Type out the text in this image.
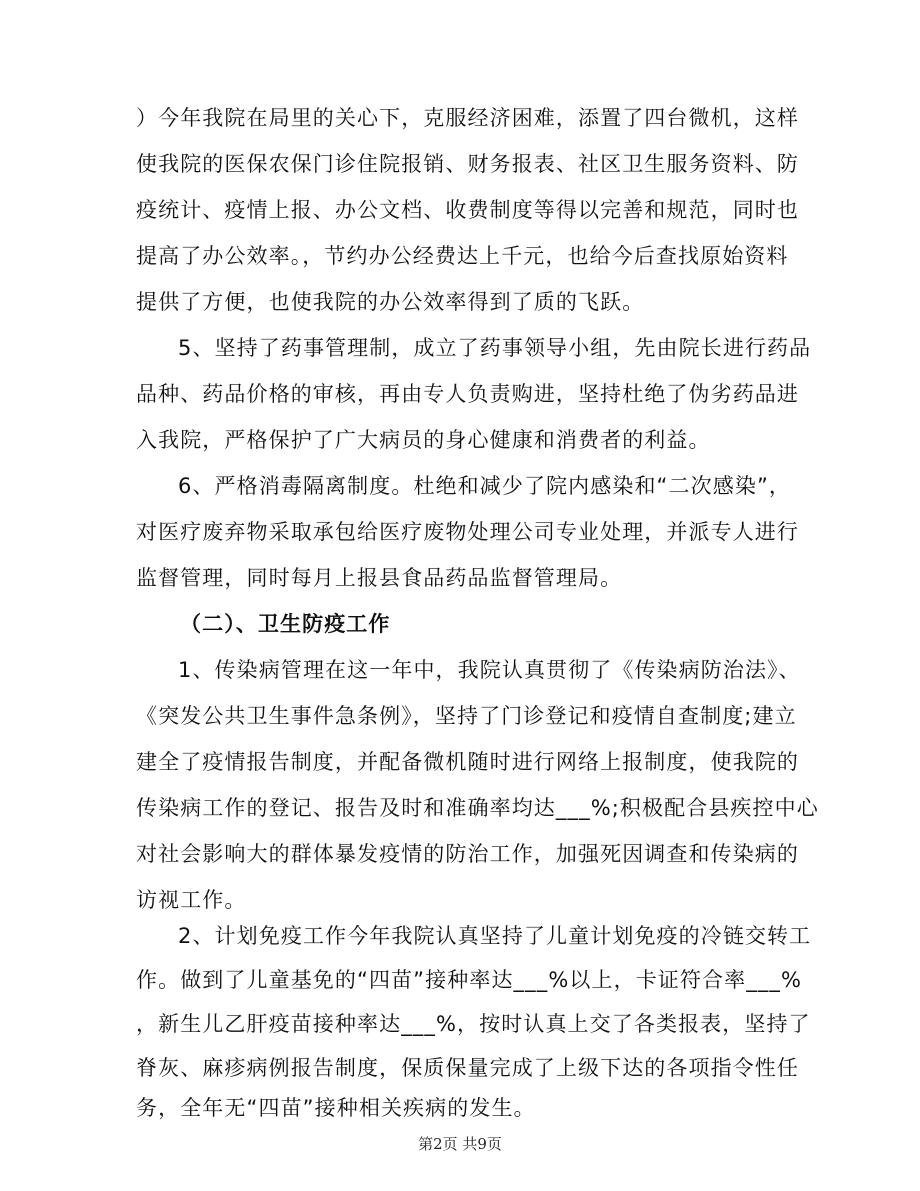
）今年我院在局里的关心下，克服经济困难，添置了四台微机，这样
使我院的医保农保门诊住院报销、财务报表、社区卫生服务资料、防
疫统计、疫情上报、办公文档、收费制度等得以完善和规范，同时也
提高了办公效率。，节约办公经费达上千元，也给今后查找原始资料
提供了方便，也使我院的办公效率得到了质的飞跃。
5、坚持了药事管理制，成立了药事领导小组，先由院长进行药品
品种、药品价格的审核，再由专人负责购进，坚持杜绝了伪劣药品进
入我院，严格保护了广大病员的身心健康和消费者的利益。
6、严格消毒隔离制度。杜绝和减少了院内感染和“二次感染”，
对医疗废弃物采取承包给医疗废物处理公司专业处理，并派专人进行
监督管理，同时每月上报县食品药品监督管理局。
（二）、卫生防疫工作
1、传染病管理在这一年中，我院认真贯彻了《传染病防治法》、
《突发公共卫生事件急条例》，坚持了门诊登记和疫情自查制度;建立
建全了疫情报告制度，并配备微机随时进行网络上报制度，使我院的
传染病工作的登记、报告及时和准确率均达___%;积极配合县疾控中心
对社会影响大的群体暴发疫情的防治工作，加强死因调查和传染病的
访视工作。
2、计划免疫工作今年我院认真坚持了儿童计划免疫的冷链交转工
作。做到了儿童基免的“四苗”接种率达___%以上，卡证符合率___%
，新生儿乙肝疫苗接种率达___%，按时认真上交了各类报表，坚持了
脊灰、麻疹病例报告制度，保质保量完成了上级下达的各项指令性任
第2页 共9页
务，全年无“四苗”接种相关疾病的发生。
